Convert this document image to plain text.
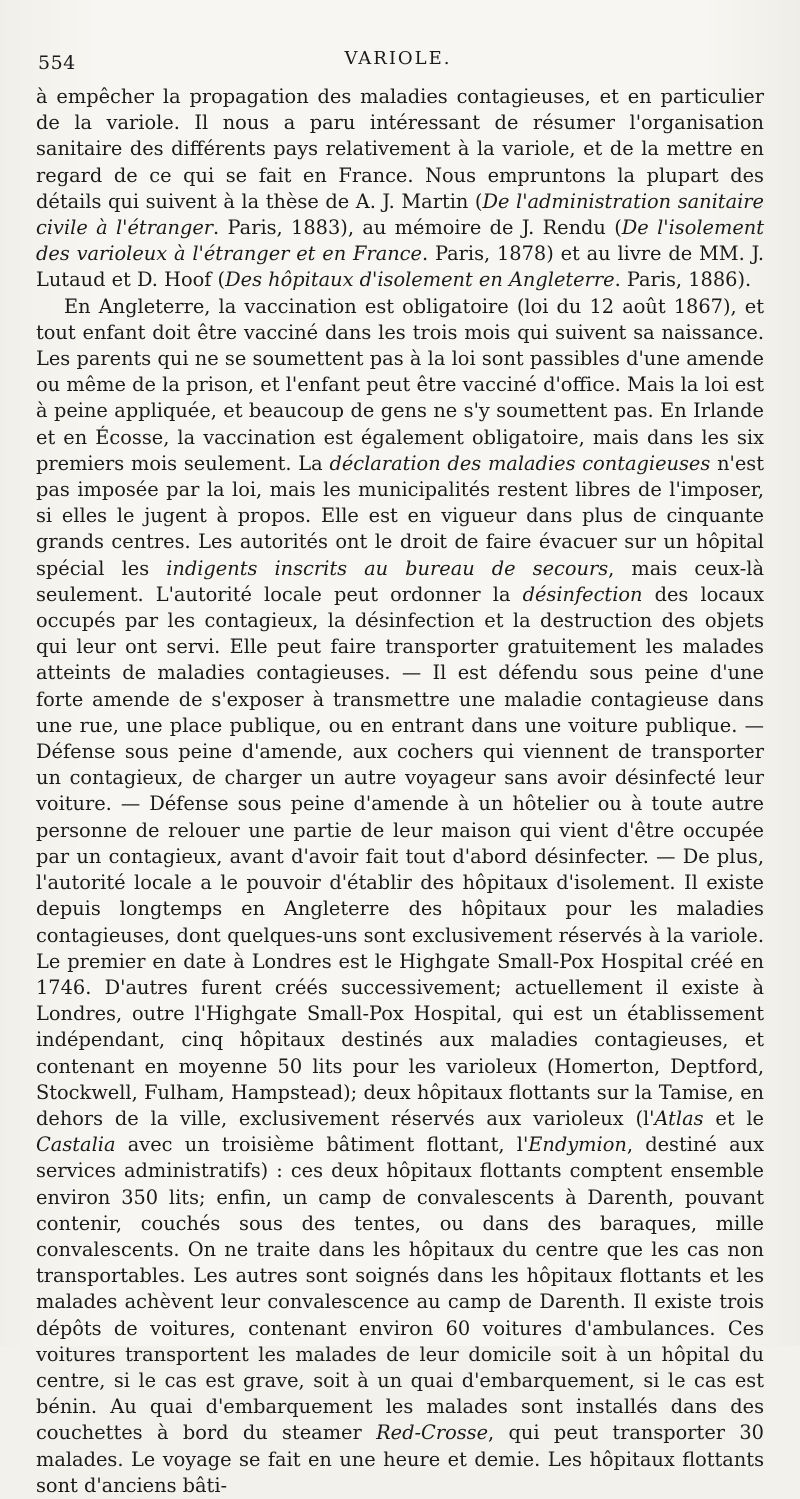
554	VARIOLE.

à empêcher la propagation des maladies contagieuses, et en particulier de la variole. Il nous a paru intéressant de résumer l'organisation sanitaire des différents pays relativement à la variole, et de la mettre en regard de ce qui se fait en France. Nous empruntons la plupart des détails qui suivent à la thèse de A. J. Martin (De l'administration sanitaire civile à l'étranger. Paris, 1883), au mémoire de J. Rendu (De l'isolement des varioleux à l'étranger et en France. Paris, 1878) et au livre de MM. J. Lutaud et D. Hoof (Des hôpitaux d'isolement en Angleterre. Paris, 1886).

En Angleterre, la vaccination est obligatoire (loi du 12 août 1867), et tout enfant doit être vacciné dans les trois mois qui suivent sa naissance. Les parents qui ne se soumettent pas à la loi sont passibles d'une amende ou même de la prison, et l'enfant peut être vacciné d'office. Mais la loi est à peine appliquée, et beaucoup de gens ne s'y soumettent pas. En Irlande et en Écosse, la vaccination est également obligatoire, mais dans les six premiers mois seulement. La déclaration des maladies contagieuses n'est pas imposée par la loi, mais les municipalités restent libres de l'imposer, si elles le jugent à propos. Elle est en vigueur dans plus de cinquante grands centres. Les autorités ont le droit de faire évacuer sur un hôpital spécial les indigents inscrits au bureau de secours, mais ceux-là seulement. L'autorité locale peut ordonner la désinfection des locaux occupés par les contagieux, la désinfection et la destruction des objets qui leur ont servi. Elle peut faire transporter gratuitement les malades atteints de maladies contagieuses. — Il est défendu sous peine d'une forte amende de s'exposer à transmettre une maladie contagieuse dans une rue, une place publique, ou en entrant dans une voiture publique. — Défense sous peine d'amende, aux cochers qui viennent de transporter un contagieux, de charger un autre voyageur sans avoir désinfecté leur voiture. — Défense sous peine d'amende à un hôtelier ou à toute autre personne de relouer une partie de leur maison qui vient d'être occupée par un contagieux, avant d'avoir fait tout d'abord désinfecter. — De plus, l'autorité locale a le pouvoir d'établir des hôpitaux d'isolement. Il existe depuis longtemps en Angleterre des hôpitaux pour les maladies contagieuses, dont quelques-uns sont exclusivement réservés à la variole. Le premier en date à Londres est le Highgate Small-Pox Hospital créé en 1746. D'autres furent créés successivement; actuellement il existe à Londres, outre l'Highgate Small-Pox Hospital, qui est un établissement indépendant, cinq hôpitaux destinés aux maladies contagieuses, et contenant en moyenne 50 lits pour les varioleux (Homerton, Deptford, Stockwell, Fulham, Hampstead); deux hôpitaux flottants sur la Tamise, en dehors de la ville, exclusivement réservés aux varioleux (l'Atlas et le Castalia avec un troisième bâtiment flottant, l'Endymion, destiné aux services administratifs) : ces deux hôpitaux flottants comptent ensemble environ 350 lits; enfin, un camp de convalescents à Darenth, pouvant contenir, couchés sous des tentes, ou dans des baraques, mille convalescents. On ne traite dans les hôpitaux du centre que les cas non transportables. Les autres sont soignés dans les hôpitaux flottants et les malades achèvent leur convalescence au camp de Darenth. Il existe trois dépôts de voitures, contenant environ 60 voitures d'ambulances. Ces voitures transportent les malades de leur domicile soit à un hôpital du centre, si le cas est grave, soit à un quai d'embarquement, si le cas est bénin. Au quai d'embarquement les malades sont installés dans des couchettes à bord du steamer Red-Crosse, qui peut transporter 30 malades. Le voyage se fait en une heure et demie. Les hôpitaux flottants sont d'anciens bâti-
